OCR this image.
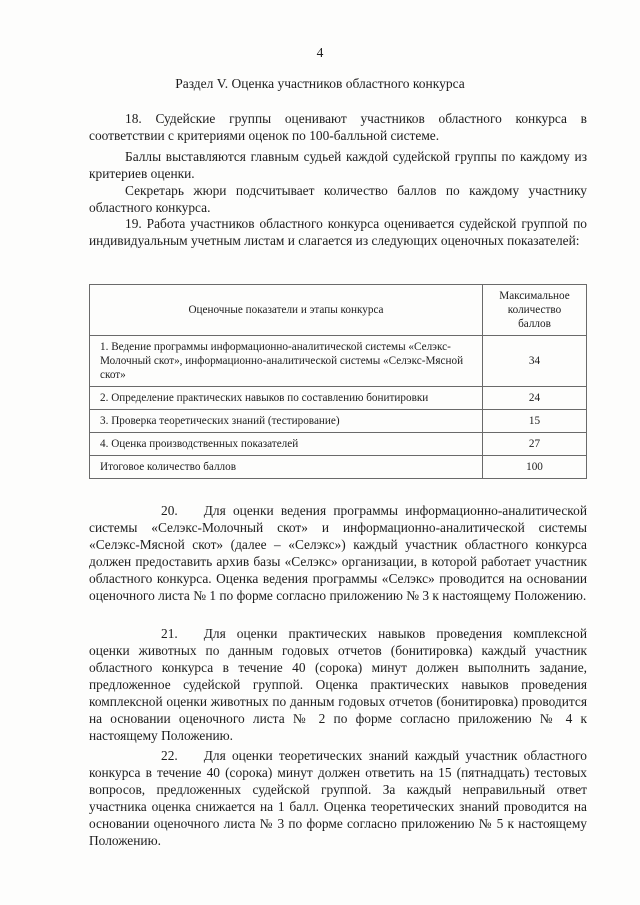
4
Раздел V. Оценка участников областного конкурса

18. Судейские группы оценивают участников областного конкурса в соответствии с критериями оценок по 100-балльной системе.

Баллы выставляются главным судьей каждой судейской группы по каждому из критериев оценки.

Секретарь жюри подсчитывает количество баллов по каждому участнику областного конкурса.

19. Работа участников областного конкурса оценивается судейской группой по индивидуальным учетным листам и слагается из следующих оценочных показателей:

Оценочные показатели и этапы конкурса	Максимальное количество баллов
1. Ведение программы информационно-аналитической системы «Селэкс-Молочный скот», информационно-аналитической системы «Селэкс-Мясной скот»	34
2. Определение практических навыков по составлению бонитировки	24
3. Проверка теоретических знаний (тестирование)	15
4. Оценка производственных показателей	27
Итоговое количество баллов	100

20. Для оценки ведения программы информационно-аналитической системы «Селэкс-Молочный скот» и информационно-аналитической системы «Селэкс-Мясной скот» (далее – «Селэкс») каждый участник областного конкурса должен предоставить архив базы «Селэкс» организации, в которой работает участник областного конкурса. Оценка ведения программы «Селэкс» проводится на основании оценочного листа № 1 по форме согласно приложению № 3 к настоящему Положению.

21. Для оценки практических навыков проведения комплексной оценки животных по данным годовых отчетов (бонитировка) каждый участник областного конкурса в течение 40 (сорока) минут должен выполнить задание, предложенное судейской группой. Оценка практических навыков проведения комплексной оценки животных по данным годовых отчетов (бонитировка) проводится на основании оценочного листа № 2 по форме согласно приложению № 4 к настоящему Положению.

22. Для оценки теоретических знаний каждый участник областного конкурса в течение 40 (сорока) минут должен ответить на 15 (пятнадцать) тестовых вопросов, предложенных судейской группой. За каждый неправильный ответ участника оценка снижается на 1 балл. Оценка теоретических знаний проводится на основании оценочного листа № 3 по форме согласно приложению № 5 к настоящему Положению.
